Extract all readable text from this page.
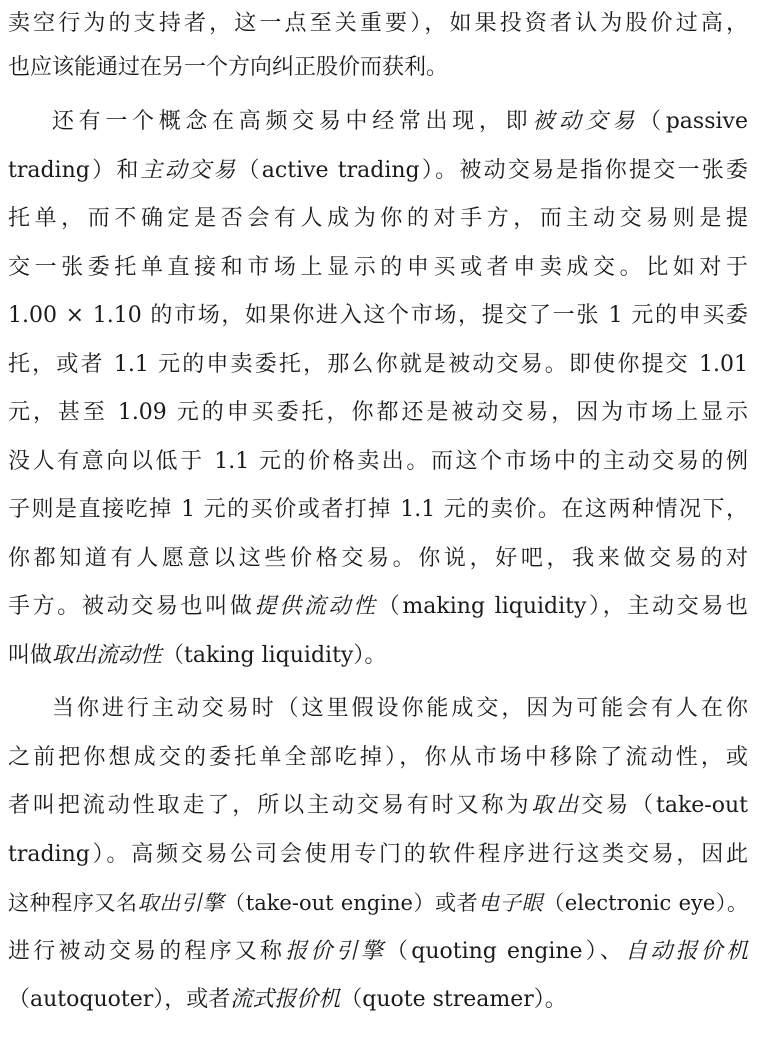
卖空行为的支持者，这一点至关重要），如果投资者认为股价过高，
也应该能通过在另一个方向纠正股价而获利。
还有一个概念在高频交易中经常出现，即被动交易（passive
trading）和主动交易（active trading）。被动交易是指你提交一张委
托单，而不确定是否会有人成为你的对手方，而主动交易则是提
交一张委托单直接和市场上显示的申买或者申卖成交。比如对于
1.00 × 1.10 的市场，如果你进入这个市场，提交了一张 1 元的申买委
托，或者 1.1 元的申卖委托，那么你就是被动交易。即使你提交 1.01
元，甚至 1.09 元的申买委托，你都还是被动交易，因为市场上显示
没人有意向以低于 1.1 元的价格卖出。而这个市场中的主动交易的例
子则是直接吃掉 1 元的买价或者打掉 1.1 元的卖价。在这两种情况下，
你都知道有人愿意以这些价格交易。你说，好吧，我来做交易的对
手方。被动交易也叫做提供流动性（making liquidity），主动交易也
叫做取出流动性（taking liquidity）。
当你进行主动交易时（这里假设你能成交，因为可能会有人在你
之前把你想成交的委托单全部吃掉），你从市场中移除了流动性，或
者叫把流动性取走了，所以主动交易有时又称为取出交易（take-out
trading）。高频交易公司会使用专门的软件程序进行这类交易，因此
这种程序又名取出引擎（take-out engine）或者电子眼（electronic eye）。
进行被动交易的程序又称报价引擎（quoting engine）、自动报价机
（autoquoter），或者流式报价机（quote streamer）。
